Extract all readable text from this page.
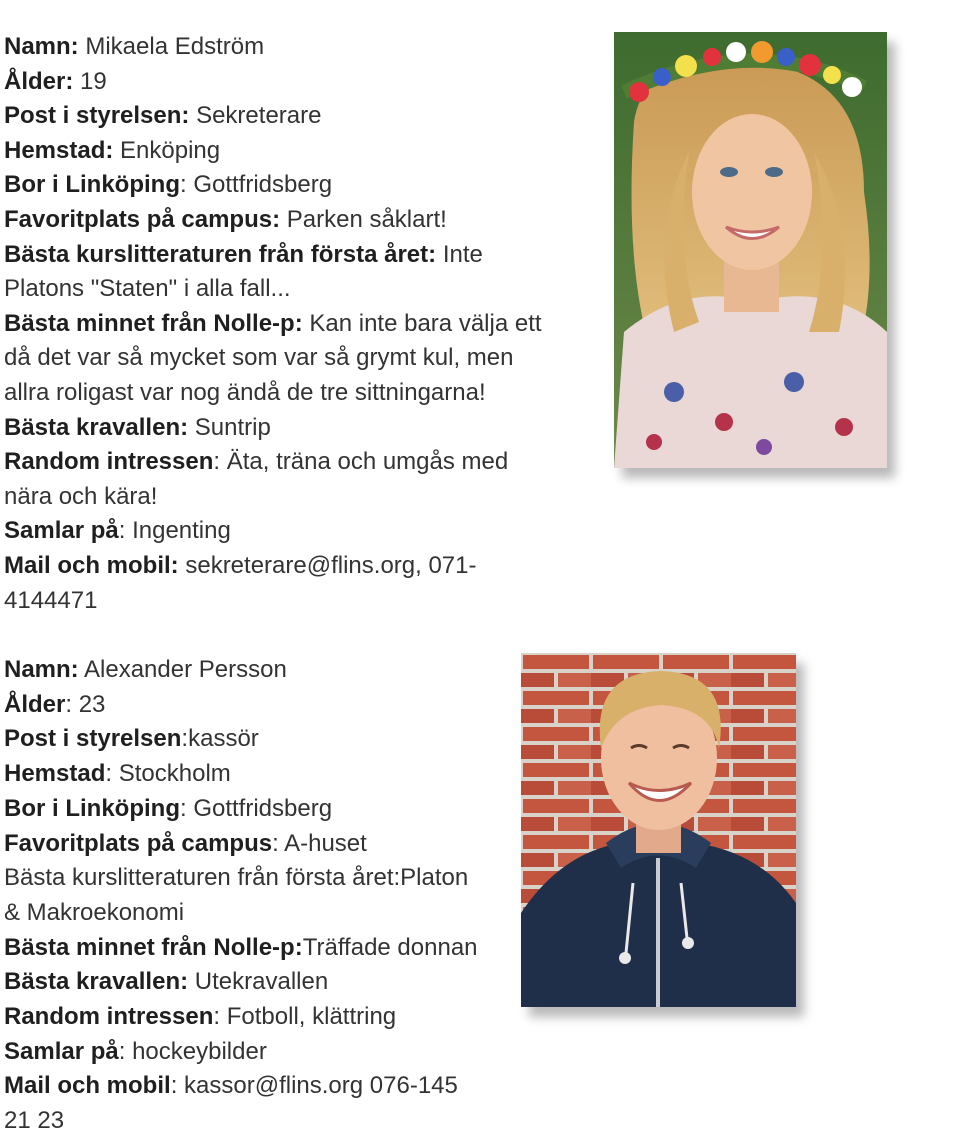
Namn: Mikaela Edström

Ålder: 19

Post i styrelsen: Sekreterare

Hemstad: Enköping

Bor i Linköping: Gottfridsberg

Favoritplats på campus: Parken såklart!

Bästa kurslitteraturen från första året: Inte Platons "Staten" i alla fall...

Bästa minnet från Nolle-p: Kan inte bara välja ett då det var så mycket som var så grymt kul, men allra roligast var nog ändå de tre sittningarna!

Bästa kravallen: Suntrip

Random intressen: Äta, träna och umgås med nära och kära!

Samlar på: Ingenting

Mail och mobil: sekreterare@flins.org, 071-4144471

Namn: Alexander Persson

Ålder: 23

Post i styrelsen:kassör

Hemstad: Stockholm

Bor i Linköping: Gottfridsberg

Favoritplats på campus: A-huset

Bästa kurslitteraturen från första året:Platon & Makroekonomi

Bästa minnet från Nolle-p:Träffade donnan

Bästa kravallen: Utekravallen

Random intressen: Fotboll, klättring

Samlar på: hockeybilder

Mail och mobil: kassor@flins.org 076-145 21 23
